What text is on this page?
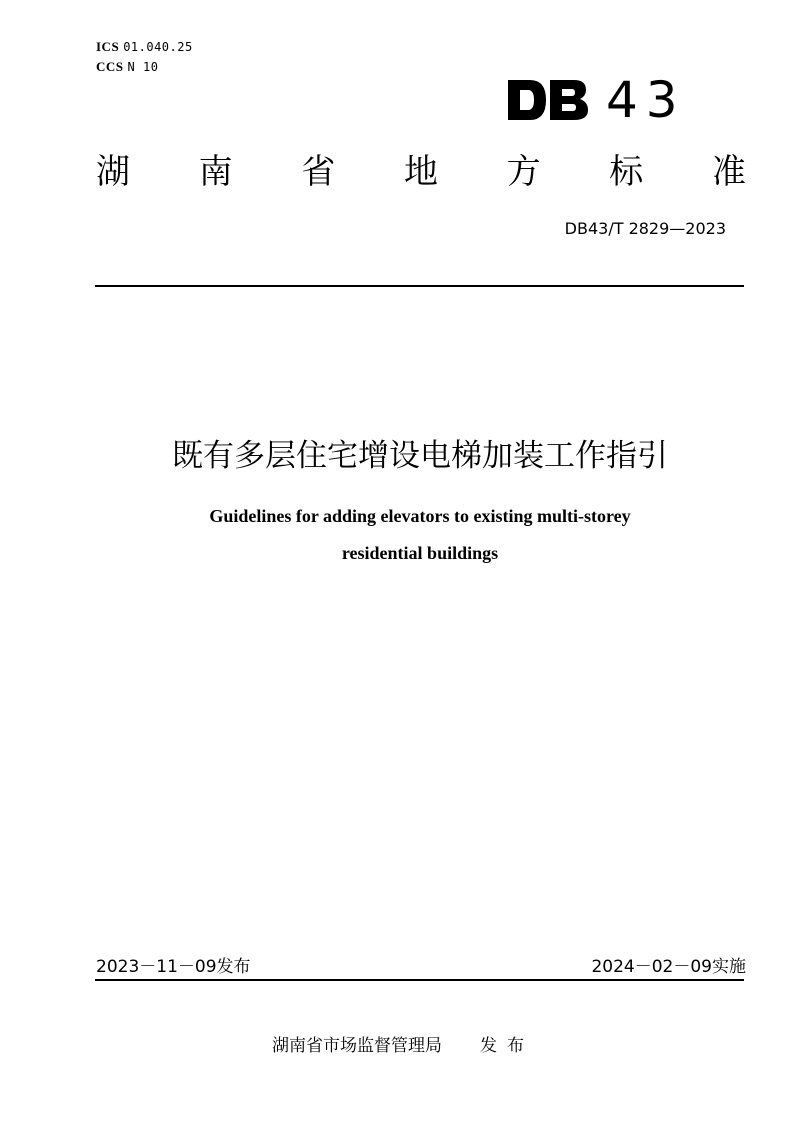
ICS 01.040.25
CCS N 10
43
湖 南 省 地 方 标 准
DB43/T 2829—2023
既有多层住宅增设电梯加装工作指引
Guidelines for adding elevators to existing multi-storey
residential buildings
2023－11－09发布	2024－02－09实施
湖南省市场监督管理局 发布
